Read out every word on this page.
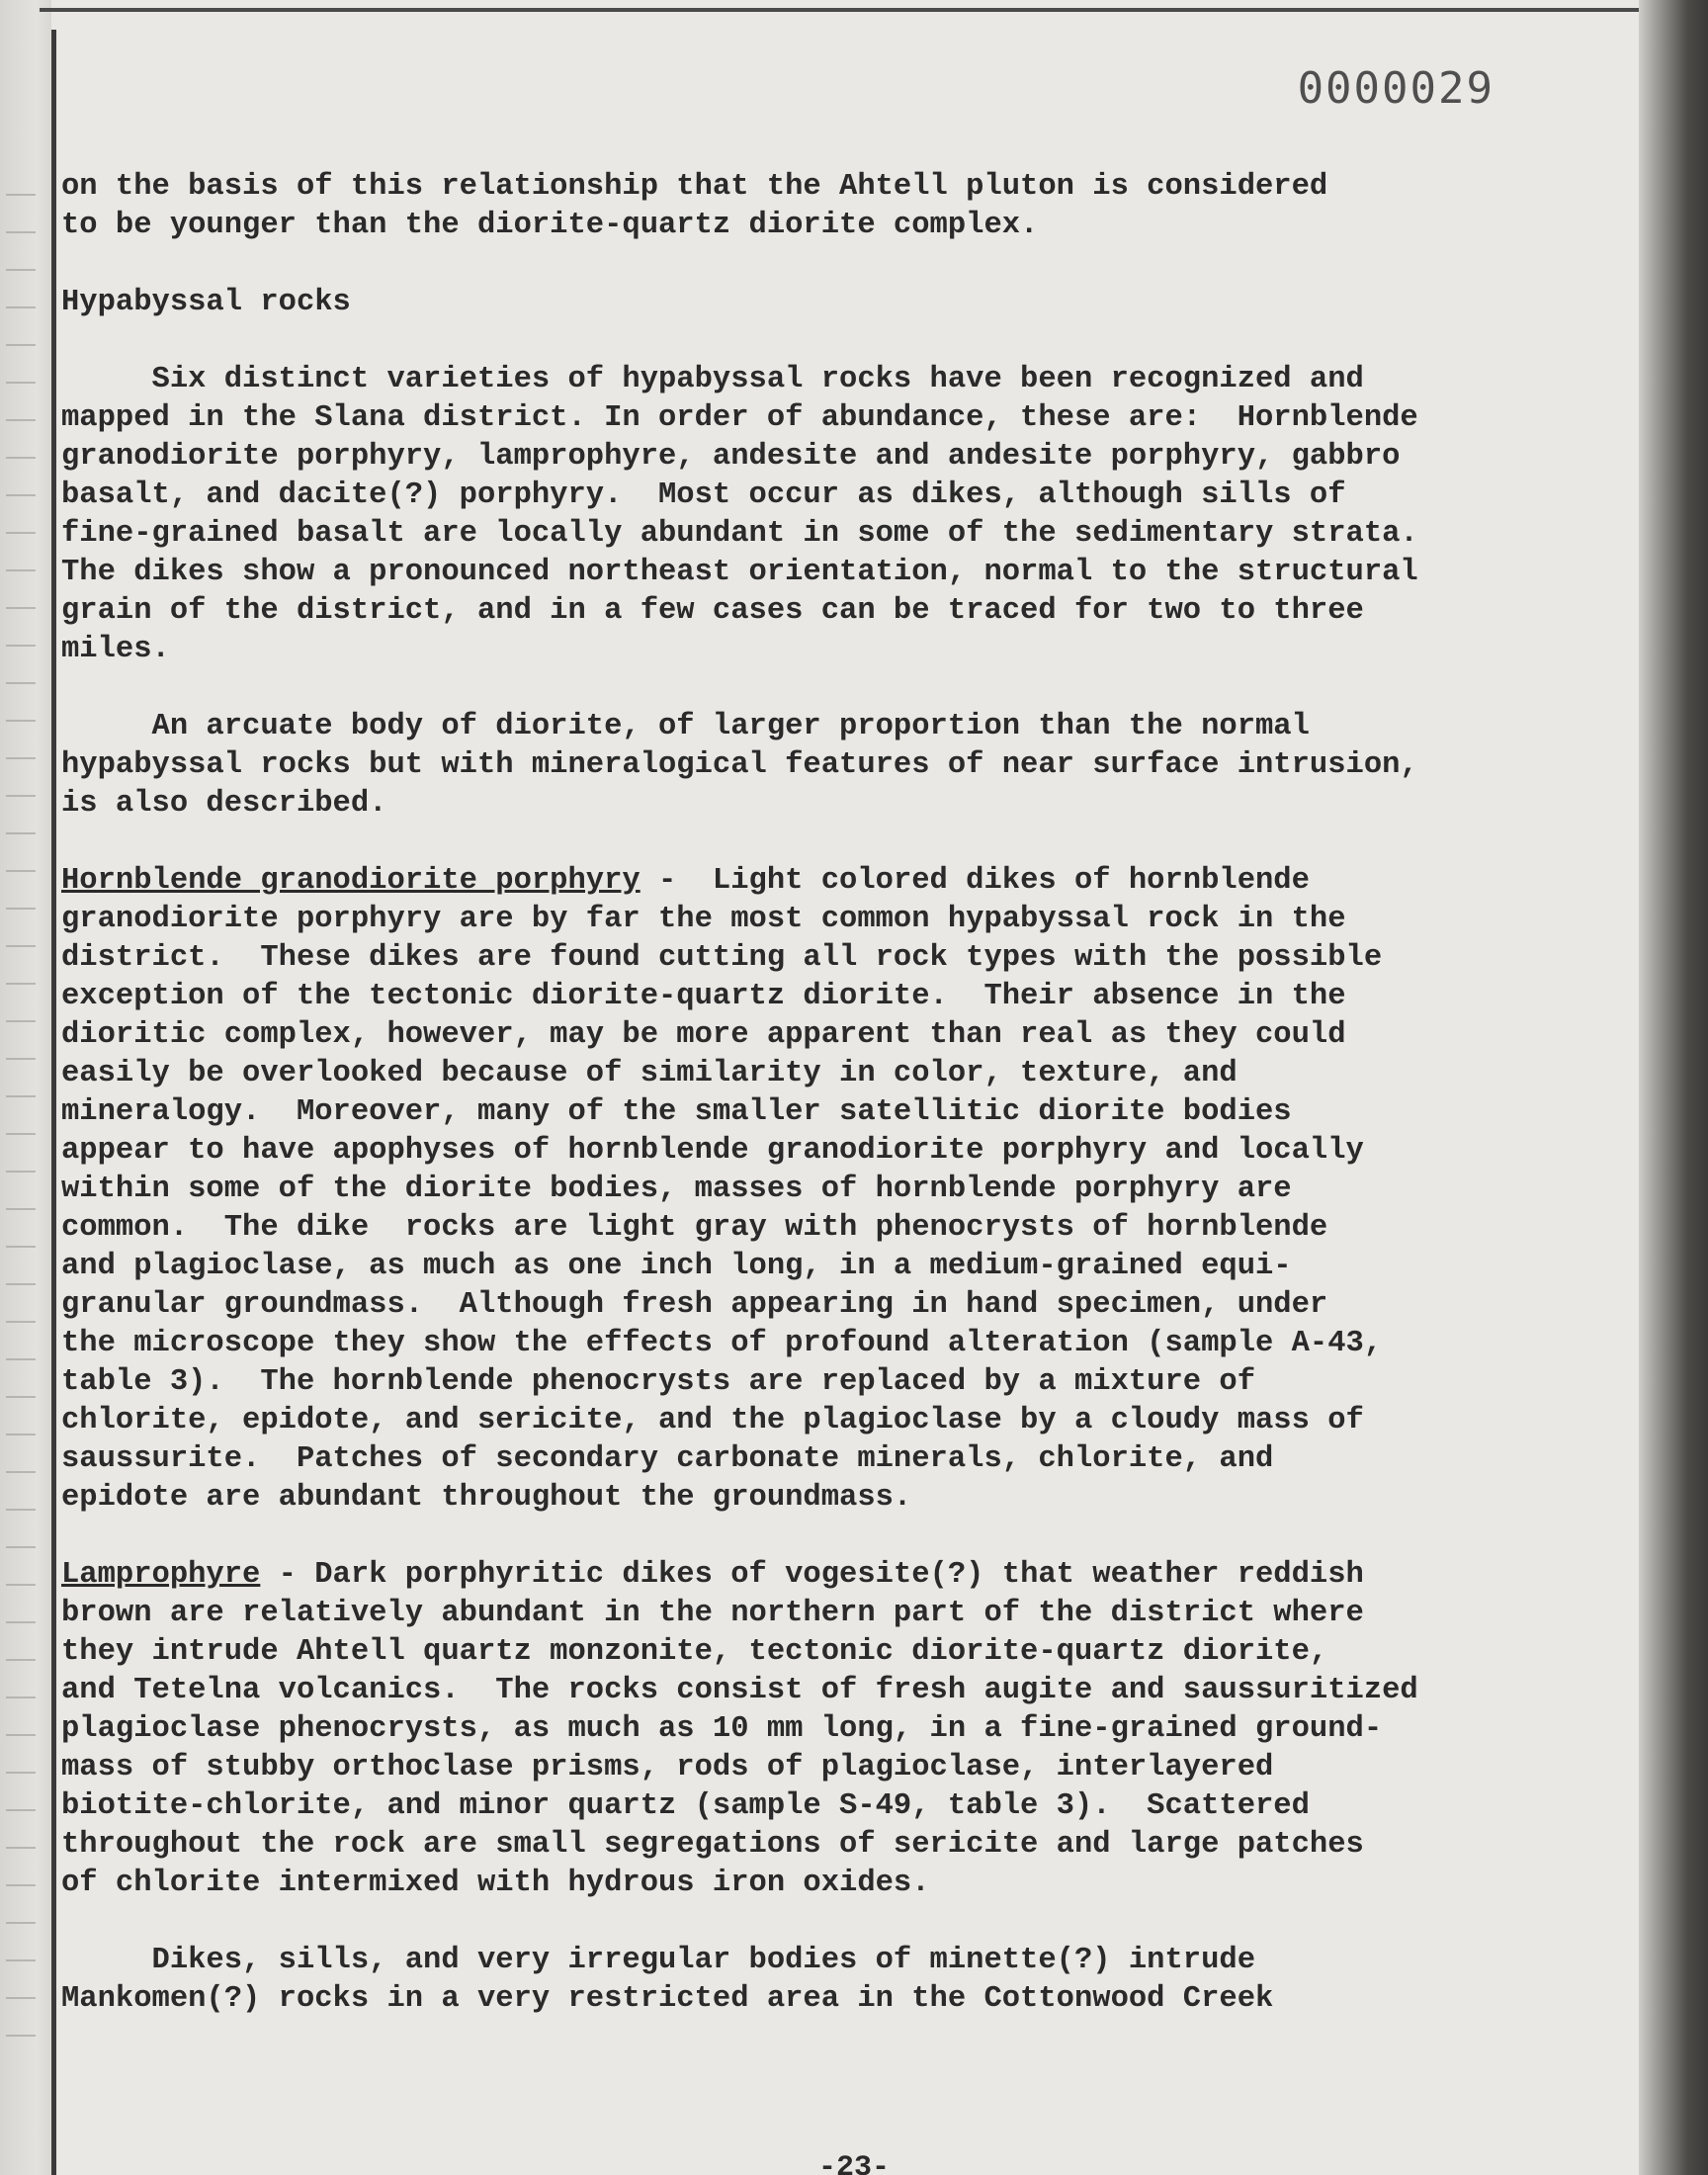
0000029
on the basis of this relationship that the Ahtell pluton is considered
to be younger than the diorite-quartz diorite complex.
Hypabyssal rocks
Six distinct varieties of hypabyssal rocks have been recognized and
mapped in the Slana district. In order of abundance, these are:  Hornblende
granodiorite porphyry, lamprophyre, andesite and andesite porphyry, gabbro
basalt, and dacite(?) porphyry.  Most occur as dikes, although sills of
fine-grained basalt are locally abundant in some of the sedimentary strata.
The dikes show a pronounced northeast orientation, normal to the structural
grain of the district, and in a few cases can be traced for two to three
miles.
An arcuate body of diorite, of larger proportion than the normal
hypabyssal rocks but with mineralogical features of near surface intrusion,
is also described.
Hornblende granodiorite porphyry -  Light colored dikes of hornblende
granodiorite porphyry are by far the most common hypabyssal rock in the
district.  These dikes are found cutting all rock types with the possible
exception of the tectonic diorite-quartz diorite.  Their absence in the
dioritic complex, however, may be more apparent than real as they could
easily be overlooked because of similarity in color, texture, and
mineralogy.  Moreover, many of the smaller satellitic diorite bodies
appear to have apophyses of hornblende granodiorite porphyry and locally
within some of the diorite bodies, masses of hornblende porphyry are
common.  The dike  rocks are light gray with phenocrysts of hornblende
and plagioclase, as much as one inch long, in a medium-grained equi-
granular groundmass.  Although fresh appearing in hand specimen, under
the microscope they show the effects of profound alteration (sample A-43,
table 3).  The hornblende phenocrysts are replaced by a mixture of
chlorite, epidote, and sericite, and the plagioclase by a cloudy mass of
saussurite.  Patches of secondary carbonate minerals, chlorite, and
epidote are abundant throughout the groundmass.
Lamprophyre - Dark porphyritic dikes of vogesite(?) that weather reddish
brown are relatively abundant in the northern part of the district where
they intrude Ahtell quartz monzonite, tectonic diorite-quartz diorite,
and Tetelna volcanics.  The rocks consist of fresh augite and saussuritized
plagioclase phenocrysts, as much as 10 mm long, in a fine-grained ground-
mass of stubby orthoclase prisms, rods of plagioclase, interlayered
biotite-chlorite, and minor quartz (sample S-49, table 3).  Scattered
throughout the rock are small segregations of sericite and large patches
of chlorite intermixed with hydrous iron oxides.
Dikes, sills, and very irregular bodies of minette(?) intrude
Mankomen(?) rocks in a very restricted area in the Cottonwood Creek
-23-
